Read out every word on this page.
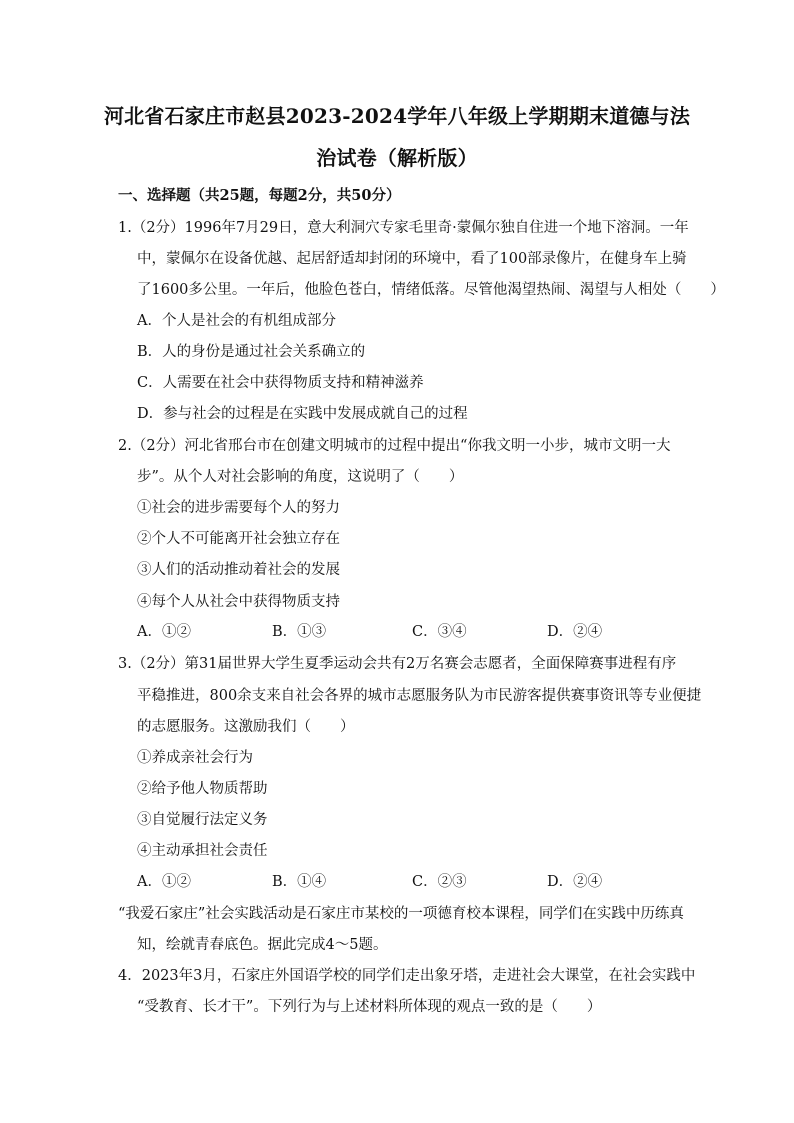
河北省石家庄市赵县2023-2024学年八年级上学期期末道德与法
治试卷（解析版）
一、选择题（共25题，每题2分，共50分）
1.（2分）1996年7月29日，意大利洞穴专家毛里奇·蒙佩尔独自住进一个地下溶洞。一年
中，蒙佩尔在设备优越、起居舒适却封闭的环境中，看了100部录像片，在健身车上骑
了1600多公里。一年后，他脸色苍白，情绪低落。尽管他渴望热闹、渴望与人相处（　　）
A．个人是社会的有机组成部分
B．人的身份是通过社会关系确立的
C．人需要在社会中获得物质支持和精神滋养
D．参与社会的过程是在实践中发展成就自己的过程
2.（2分）河北省邢台市在创建文明城市的过程中提出“你我文明一小步，城市文明一大
步”。从个人对社会影响的角度，这说明了（　　）
①社会的进步需要每个人的努力
②个人不可能离开社会独立存在
③人们的活动推动着社会的发展
④每个人从社会中获得物质支持
A．①②	B．①③	C．③④	D．②④
3.（2分）第31届世界大学生夏季运动会共有2万名赛会志愿者，全面保障赛事进程有序
平稳推进，800余支来自社会各界的城市志愿服务队为市民游客提供赛事资讯等专业便捷
的志愿服务。这激励我们（　　）
①养成亲社会行为
②给予他人物质帮助
③自觉履行法定义务
④主动承担社会责任
A．①②	B．①④	C．②③	D．②④
“我爱石家庄”社会实践活动是石家庄市某校的一项德育校本课程，同学们在实践中历练真
知，绘就青春底色。据此完成4～5题。
4．2023年3月，石家庄外国语学校的同学们走出象牙塔，走进社会大课堂，在社会实践中
“受教育、长才干”。下列行为与上述材料所体现的观点一致的是（　　）
